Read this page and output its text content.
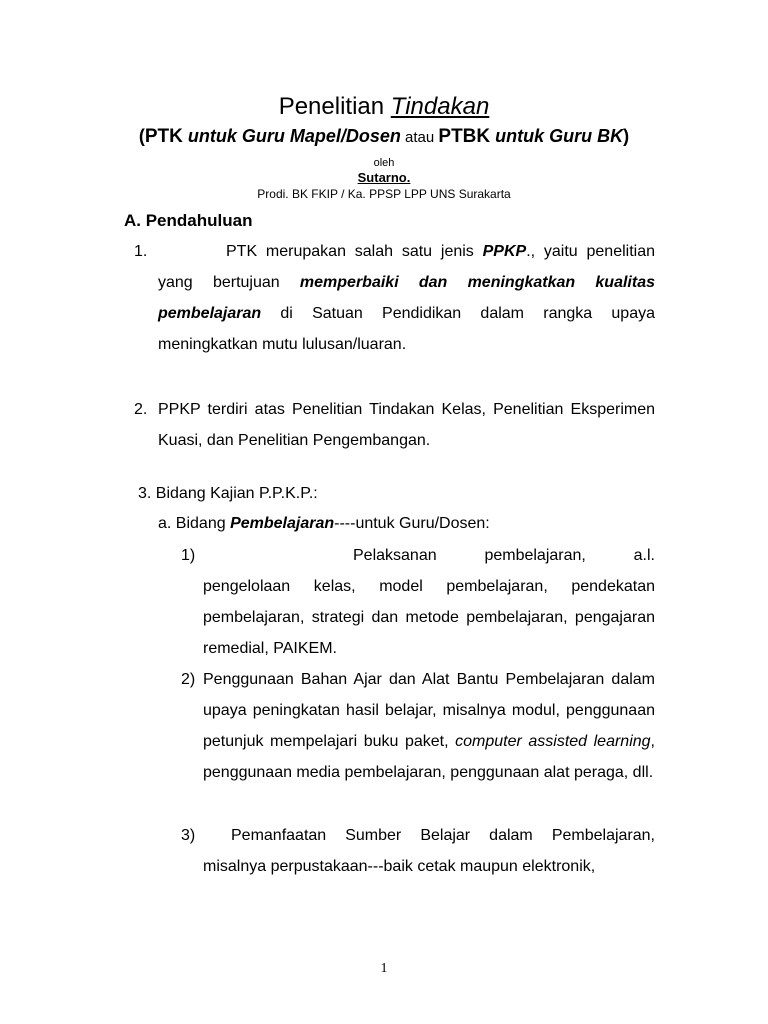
Penelitian Tindakan
(PTK untuk Guru Mapel/Dosen atau PTBK untuk Guru BK)
oleh
Sutarno.
Prodi. BK FKIP / Ka. PPSP LPP UNS Surakarta
A. Pendahuluan
1.	PTK merupakan salah satu jenis PPKP., yaitu penelitian yang bertujuan memperbaiki dan meningkatkan kualitas pembelajaran di Satuan Pendidikan dalam rangka upaya meningkatkan mutu lulusan/luaran.

2. PPKP terdiri atas Penelitian Tindakan Kelas, Penelitian Eksperimen Kuasi, dan Penelitian Pengembangan.

3. Bidang Kajian P.P.K.P.:
a. Bidang Pembelajaran----untuk Guru/Dosen:
1)	Pelaksanan pembelajaran, a.l. pengelolaan kelas, model pembelajaran, pendekatan pembelajaran, strategi dan metode pembelajaran, pengajaran remedial, PAIKEM.

2) Penggunaan Bahan Ajar dan Alat Bantu Pembelajaran dalam upaya peningkatan hasil belajar, misalnya modul, penggunaan petunjuk mempelajari buku paket, computer assisted learning, penggunaan media pembelajaran, penggunaan alat peraga, dll.

3)	Pemanfaatan Sumber Belajar dalam Pembelajaran, misalnya perpustakaan---baik cetak maupun elektronik,

1
